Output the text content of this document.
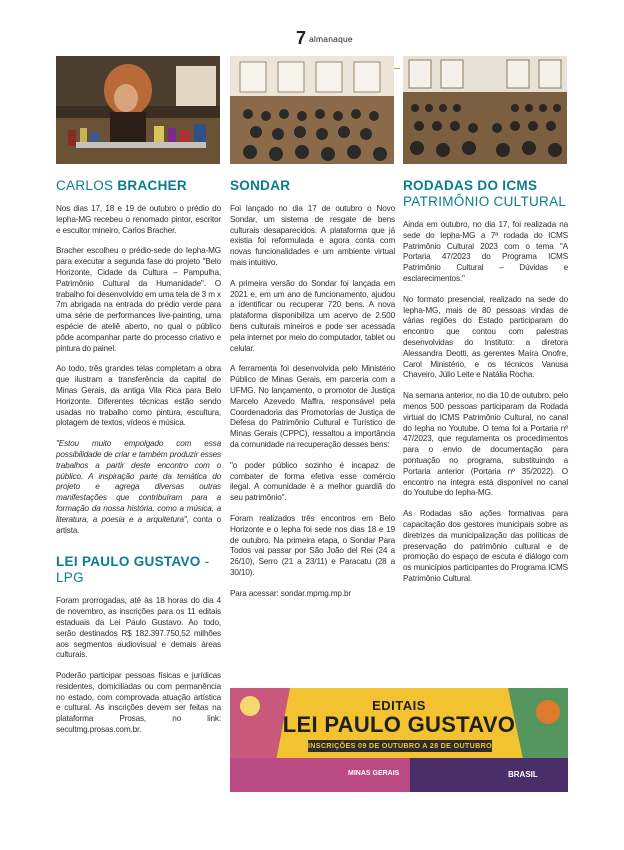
7 almanaque
CARLOS BRACHER

Nos dias 17, 18 e 19 de outubro o prédio do Iepha-MG recebeu o renomado pintor, escritor e escultor mineiro, Carlos Bracher.

Bracher escolheu o prédio-sede do Iepha-MG para executar a segunda fase do projeto "Belo Horizonte, Cidade da Cultura – Pampulha, Patrimônio Cultural da Humanidade". O trabalho foi desenvolvido em uma tela de 3 m x 7m abrigada na entrada do prédio verde para uma série de performances live-painting, uma espécie de ateliê aberto, no qual o público pôde acompanhar parte do processo criativo e pintura do painel.

Ao todo, três grandes telas completam a obra que ilustram a transferência da capital de Minas Gerais, da antiga Vila Rica para Belo Horizonte. Diferentes técnicas estão sendo usadas no trabalho como pintura, escultura, plotagem de textos, vídeos e música.

"Estou muito empolgado com essa possibilidade de criar e também produzir esses trabalhos a partir deste encontro com o público. A inspiração parte da temática do projeto e agrega diversas outras manifestações que contribuíram para a formação da nossa história, como a música, a literatura, a poesia e a arquitetura", conta o artista.

LEI PAULO GUSTAVO - LPG

Foram prorrogadas, até às 18 horas do dia 4 de novembro, as inscrições para os 11 editais estaduais da Lei Paulo Gustavo. Ao todo, serão destinados R$ 182.397.750,52 milhões aos segmentos audiovisual e demais áreas culturais.

Poderão participar pessoas físicas e jurídicas residentes, domiciliadas ou com permanência no estado, com comprovada atuação artística e cultural. As inscrições devem ser feitas na plataforma Prosas, no link: secultmg.prosas.com.br.

SONDAR

Foi lançado no dia 17 de outubro o Novo Sondar, um sistema de resgate de bens culturais desaparecidos. A plataforma que já existia foi reformulada e agora conta com novas funcionalidades e um ambiente virtual mais intuitivo.

A primeira versão do Sondar foi lançada em 2021 e, em um ano de funcionamento, ajudou a identificar ou recuperar 720 bens. A nova plataforma disponibiliza um acervo de 2.500 bens culturais mineiros e pode ser acessada pela internet por meio do computador, tablet ou celular.

A ferramenta foi desenvolvida pelo Ministério Público de Minas Gerais, em parceria com a UFMG. No lançamento, o promotor de Justiça Marcelo Azevedo Maffra, responsável pela Coordenadoria das Promotorias de Justiça de Defesa do Patrimônio Cultural e Turístico de Minas Gerais (CPPC), ressaltou a importância da comunidade na recuperação desses bens:

"o poder público sozinho é incapaz de combater de forma efetiva esse comércio ilegal. A comunidade é a melhor guardiã do seu patrimônio".

Foram realizados três encontros em Belo Horizonte e o Iepha foi sede nos dias 18 e 19 de outubro. Na primeira etapa, o Sondar Para Todos vai passar por São João del Rei (24 a 26/10), Serro (21 a 23/11) e Paracatu (28 a 30/10).

Para acessar: sondar.mpmg.mp.br

RODADAS DO ICMS
PATRIMÔNIO CULTURAL

Ainda em outubro, no dia 17, foi realizada na sede do Iepha-MG a 7ª rodada do ICMS Patrimônio Cultural 2023 com o tema "A Portaria 47/2023 do Programa ICMS Patrimônio Cultural – Dúvidas e esclarecimentos."

No formato presencial, realizado na sede do Iepha-MG, mais de 80 pessoas vindas de várias regiões do Estado participaram do encontro que contou com palestras desenvolvidas do Instituto: a diretora Alessandra Deotti, as gerentes Maíra Onofre, Carol Ministério, e os técnicos Vanusa Chaveiro, Júlio Leite e Natália Rocha.

Na semana anterior, no dia 10 de outubro, pelo menos 500 pessoas participaram da Rodada virtual do ICMS Patrimônio Cultural, no canal do Iepha no Youtube. O tema foi a Portaria nº 47/2023, que regulamenta os procedimentos para o envio de documentação para pontuação no programa, substituindo a Portaria anterior (Portaria nº 35/2022). O encontro na íntegra está disponível no canal do Youtube do Iepha-MG.

As Rodadas são ações formativas para capacitação dos gestores municipais sobre as diretrizes da municipalização das políticas de preservação do patrimônio cultural e de promoção do espaço de escuta e diálogo com os municípios participantes do Programa ICMS Patrimônio Cultural.

EDITAIS
LEI PAULO GUSTAVO
INSCRIÇÕES 09 DE OUTUBRO A 28 DE OUTUBRO
MINAS GERAIS	BRASIL
